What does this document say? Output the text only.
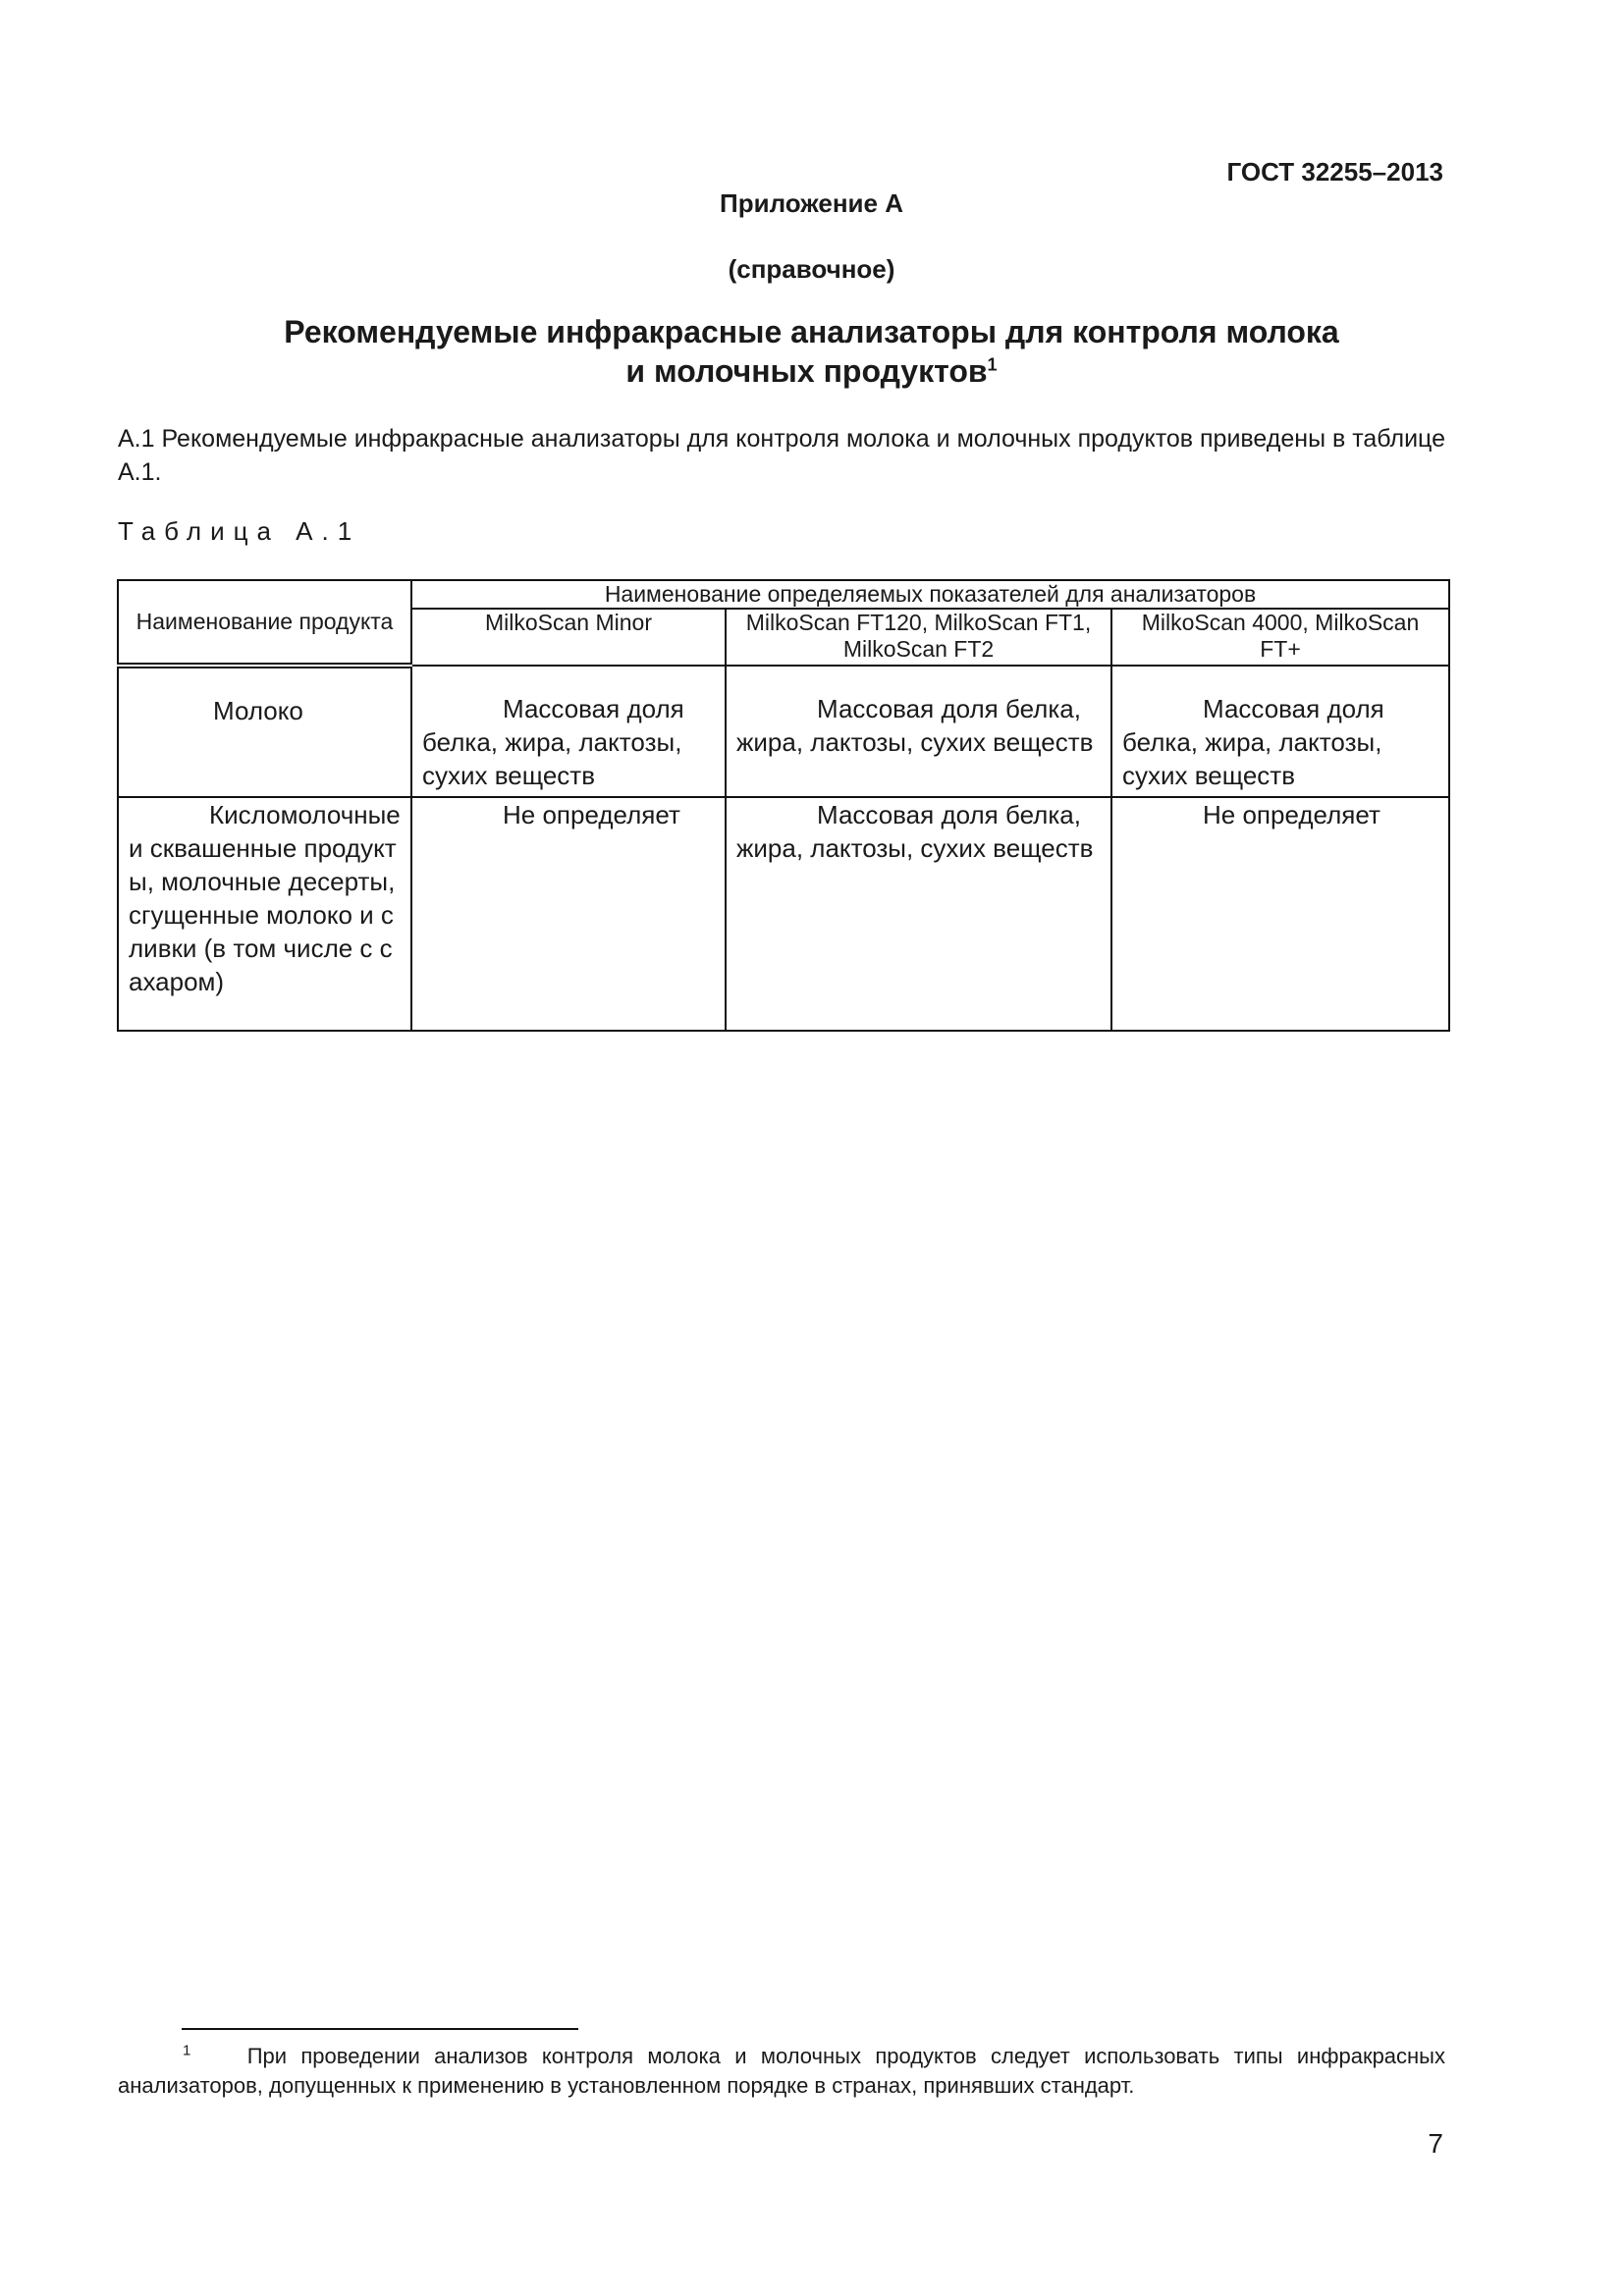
ГОСТ 32255–2013
Приложение А
(справочное)
Рекомендуемые инфракрасные анализаторы для контроля молока
и молочных продуктов$^1$
А.1 Рекомендуемые инфракрасные анализаторы для контроля молока и молочных продуктов приведены в таблице А.1.
Таблица А.1
Наименование продукта	Наименование определяемых показателей для анализаторов		
	MilkoScan Minor	MilkoScan FT120, MilkoScan FT1, MilkoScan FT2	MilkoScan 4000, MilkoScan FT+
Молоко	Массовая доля белка, жира, лактозы, сухих веществ	Массовая доля белка, жира, лактозы, сухих веществ	Массовая доля белка, жира, лактозы, сухих веществ
Кисломолочные и сквашенные продукты, молочные десерты, сгущенные молоко и сливки (в том числе с сахаром)	Не определяет	Массовая доля белка, жира, лактозы, сухих веществ	Не определяет
$^1$	При проведении анализов контроля молока и молочных продуктов следует использовать типы инфракрасных анализаторов, допущенных к применению в установленном порядке в странах, принявших стандарт.
7
